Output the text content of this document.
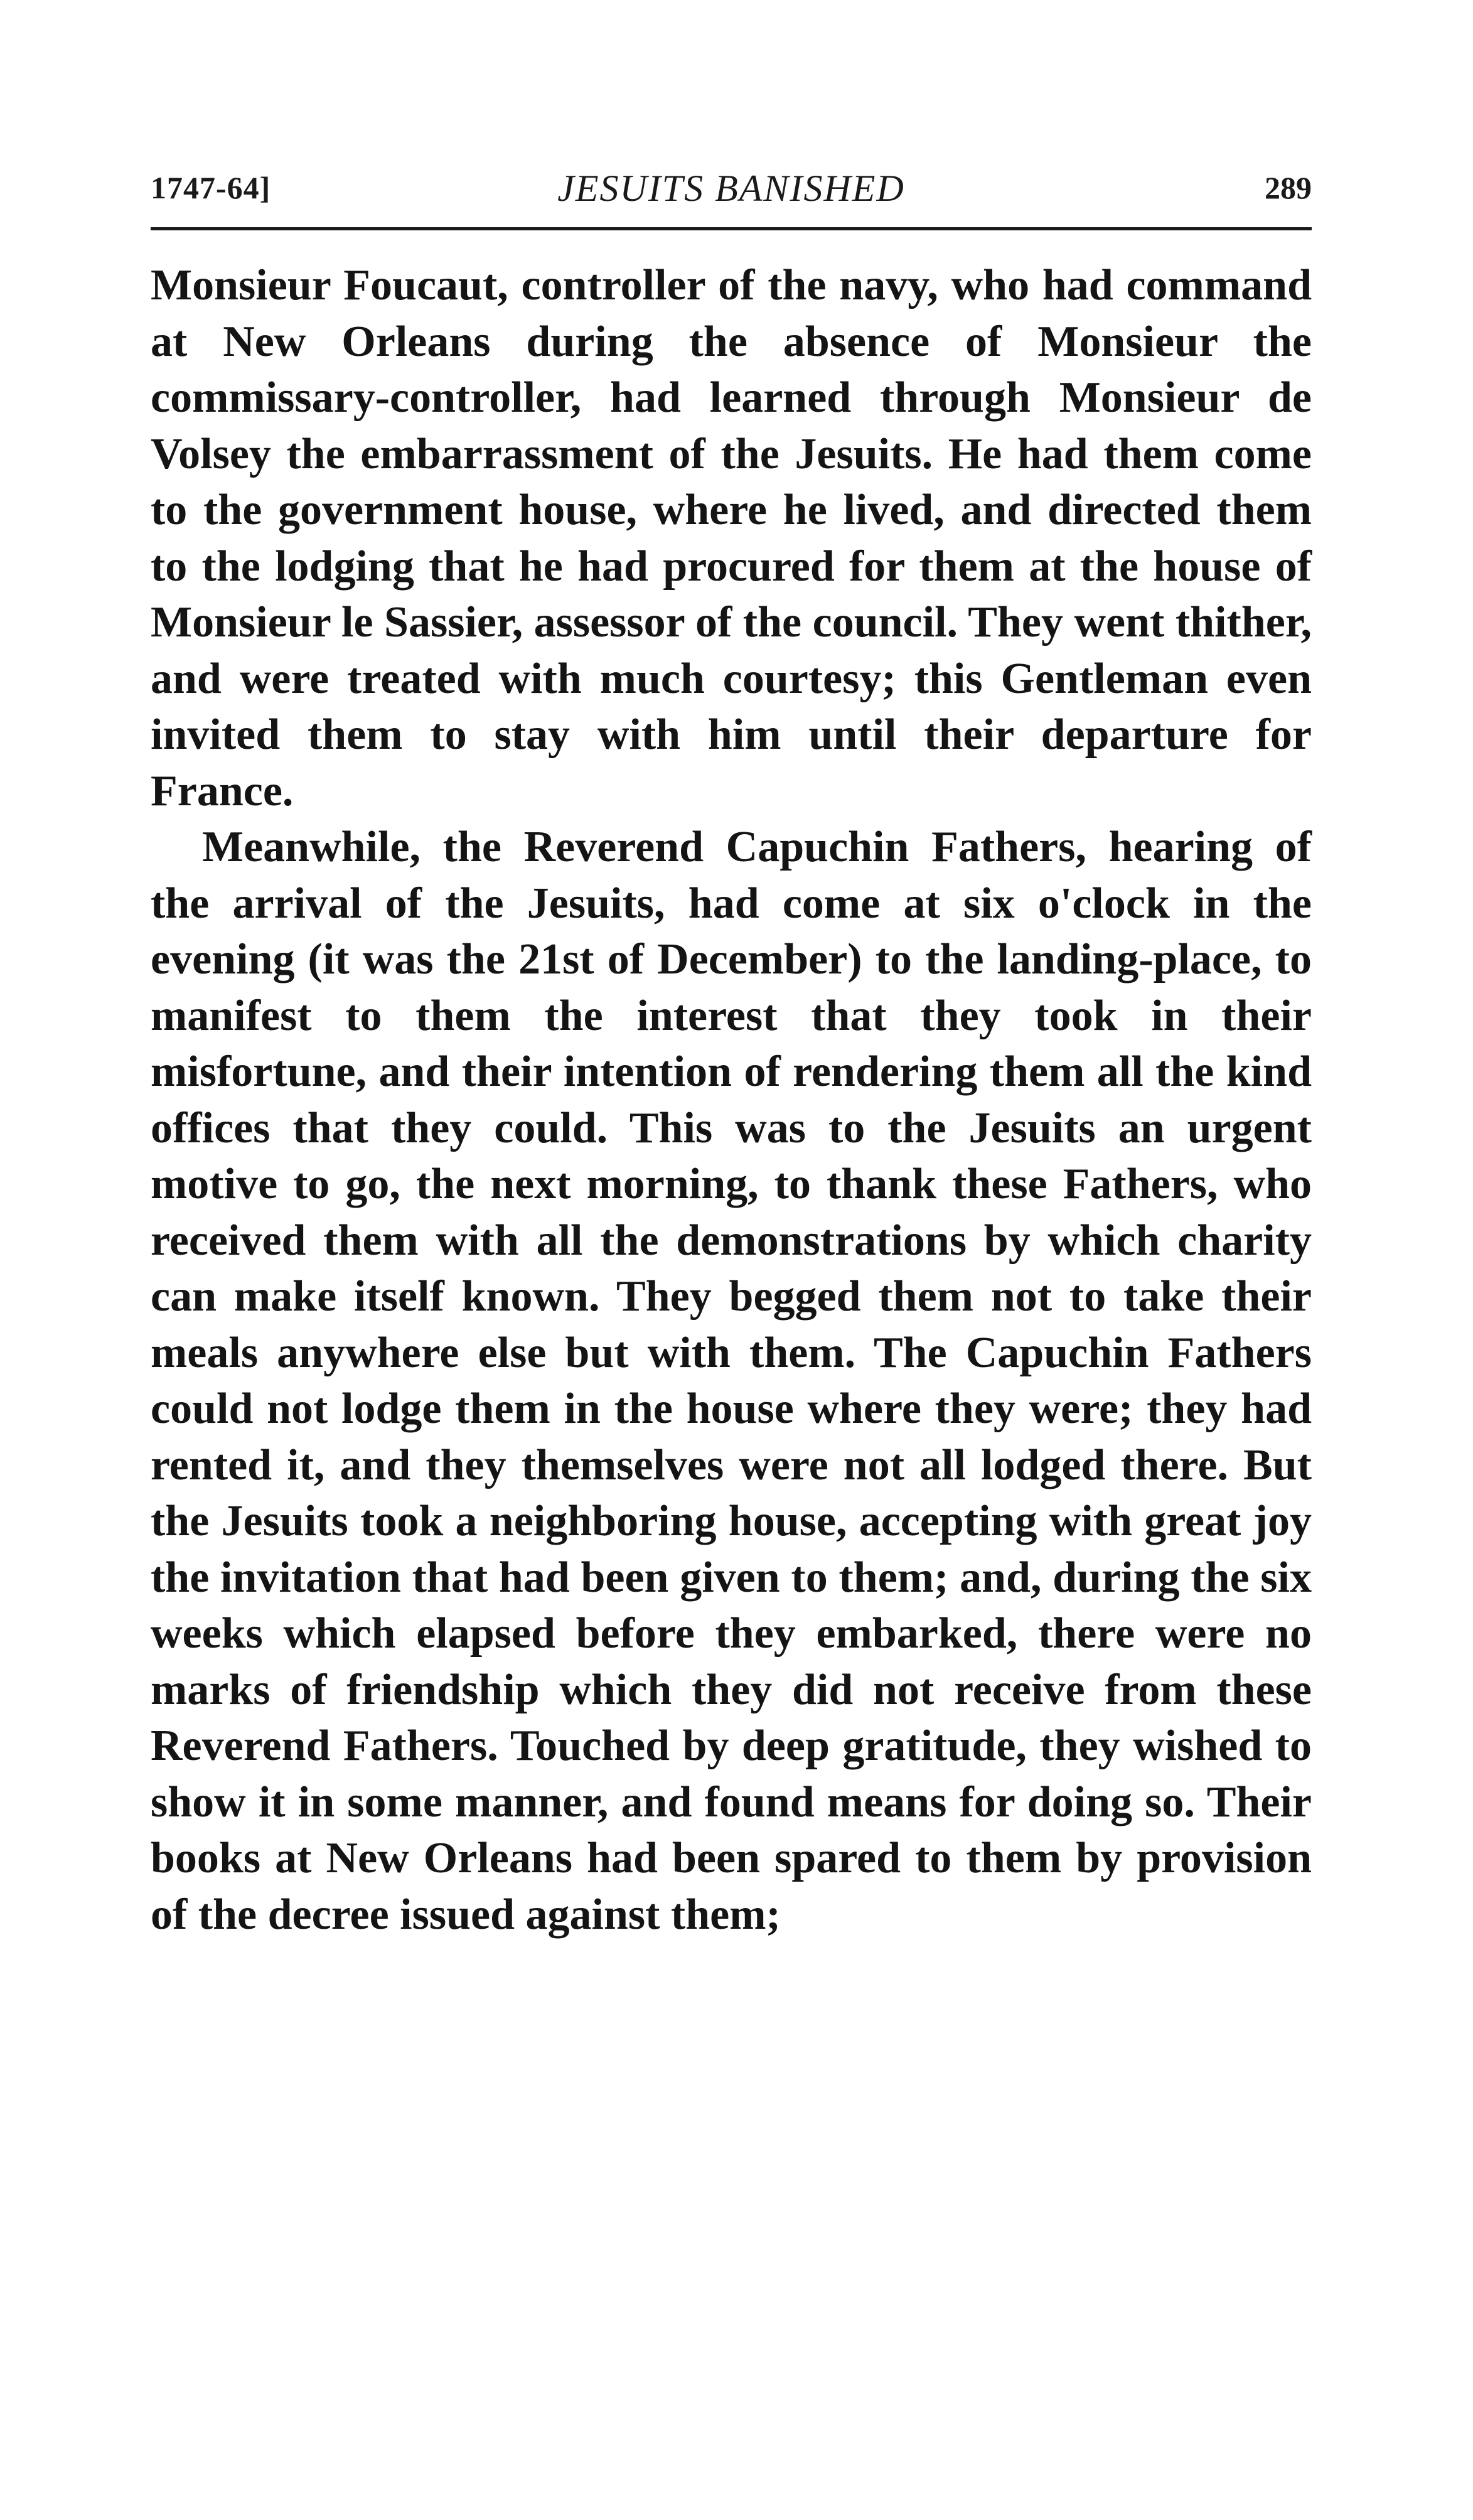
1747-64]	JESUITS BANISHED	289

Monsieur Foucaut, controller of the navy, who had command at New Orleans during the absence of Monsieur the commissary-controller, had learned through Monsieur de Volsey the embarrassment of the Jesuits. He had them come to the government house, where he lived, and directed them to the lodging that he had procured for them at the house of Monsieur le Sassier, assessor of the council. They went thither, and were treated with much courtesy; this Gentleman even invited them to stay with him until their departure for France.

Meanwhile, the Reverend Capuchin Fathers, hearing of the arrival of the Jesuits, had come at six o'clock in the evening (it was the 21st of December) to the landing-place, to manifest to them the interest that they took in their misfortune, and their intention of rendering them all the kind offices that they could. This was to the Jesuits an urgent motive to go, the next morning, to thank these Fathers, who received them with all the demonstrations by which charity can make itself known. They begged them not to take their meals anywhere else but with them. The Capuchin Fathers could not lodge them in the house where they were; they had rented it, and they themselves were not all lodged there. But the Jesuits took a neighboring house, accepting with great joy the invitation that had been given to them; and, during the six weeks which elapsed before they embarked, there were no marks of friendship which they did not receive from these Reverend Fathers. Touched by deep gratitude, they wished to show it in some manner, and found means for doing so. Their books at New Orleans had been spared to them by provision of the decree issued against them;
